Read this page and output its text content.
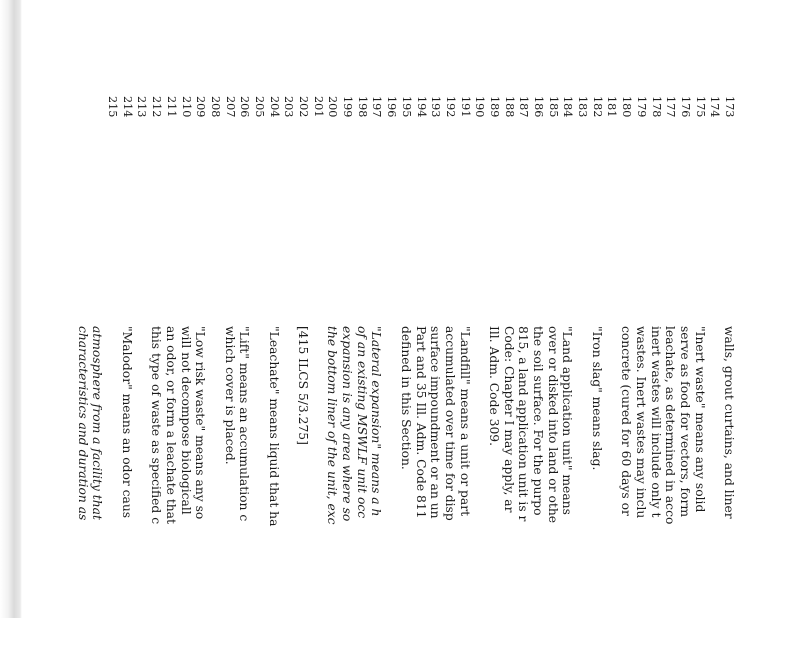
173
174
175
176
177
178
179
180
181
182
183
184
185
186
187
188
189
190
191
192
193
194
195
196
197
198
199
200
201
202
203
204
205
206
207
208
209
210
211
212
213
214
215
walls, grout curtains, and liner
"Inert waste" means any solid
serve as food for vectors, form
leachate, as determined in acco
inert wastes will include only t
wastes. Inert wastes may inclu
concrete (cured for 60 days or
"Iron slag" means slag.
"Land application unit" means
over or disked into land or othe
the soil surface. For the purpo
815, a land application unit is r
Code: Chapter I may apply, ar
Ill. Adm. Code 309.
"Landfill" means a unit or part
accumulated over time for disp
surface impoundment or an un
Part and 35 Ill. Adm. Code 811
defined in this Section.
"Lateral expansion" means a h
of an existing MSWLF unit occ
expansion is any area where so
the bottom liner of the unit, exc
[415 ILCS 5/3.275]
"Leachate" means liquid that ha
"Lift" means an accumulation c
which cover is placed.
"Low risk waste" means any so
will not decompose biologicall
an odor, or form a leachate that
this type of waste as specified c
"Malodor" means an odor caus
atmosphere from a facility that
characteristics and duration as
